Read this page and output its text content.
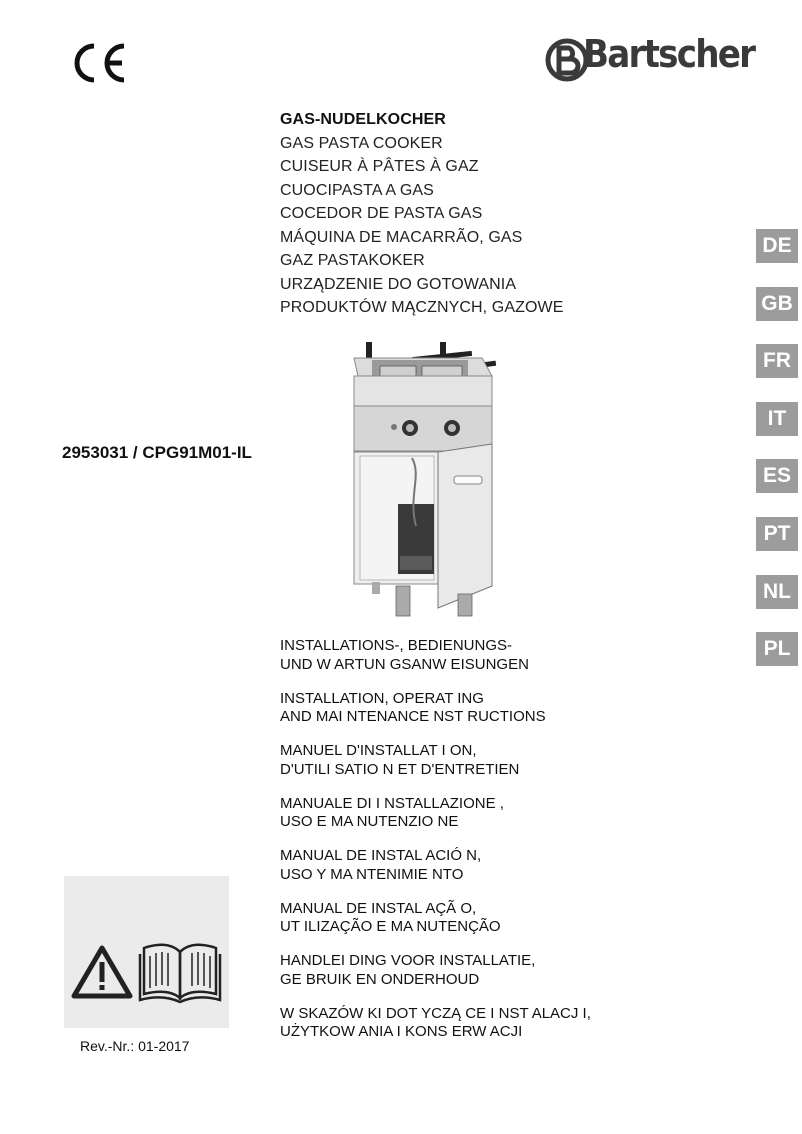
Bartscher
GAS-NUDELKOCHER
GAS PASTA COOKER
CUISEUR À PÂTES À GAZ
CUOCIPASTA A GAS
COCEDOR DE PASTA GAS
MÁQUINA DE MACARRÃO, GAS
GAZ PASTAKOKER
URZĄDZENIE DO GOTOWANIA
PRODUKTÓW MĄCZNYCH, GAZOWE
2953031 / CPG91M01-IL
DE
GB
FR
IT
ES
PT
NL
PL
INSTALLATIONS-, BEDIENUNGS-
UND W ARTUN GSANW EISUNGEN
INSTALLATION, OPERAT ING
AND MAI NTENANCE NST RUCTIONS
MANUEL D'INSTALLAT I ON,
D'UTILI SATIO N ET D'ENTRETIEN
MANUALE DI I NSTALLAZIONE ,
USO E MA NUTENZIO NE
MANUAL DE INSTAL ACIÓ N,
USO Y MA NTENIMIE NTO
MANUAL DE INSTAL AÇÃ O,
UT ILIZAÇÃO E MA NUTENÇÃO
HANDLEI DING VOOR INSTALLATIE,
GE BRUIK EN ONDERHOUD
W SKAZÓW KI DOT YCZĄ CE I NST ALACJ I,
UŻYTKOW ANIA I KONS ERW ACJI
Rev.-Nr.: 01-2017
